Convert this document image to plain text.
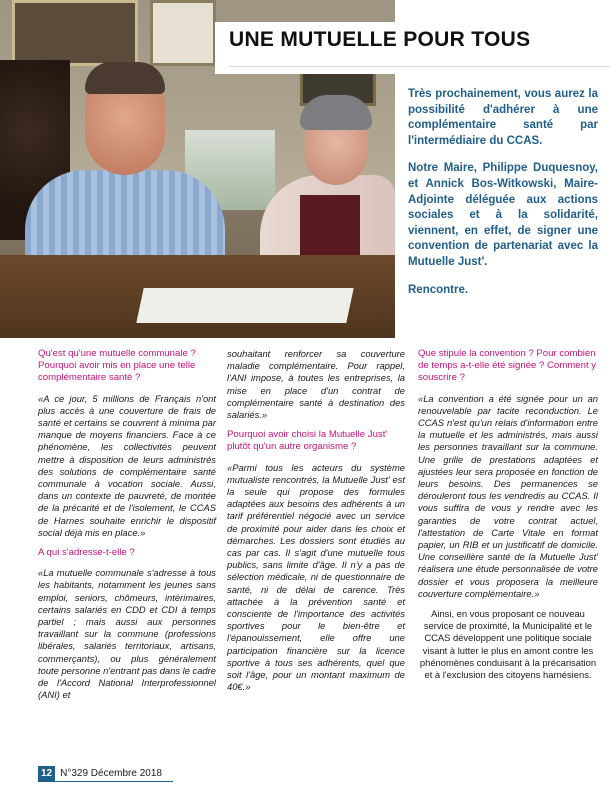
UNE MUTUELLE POUR TOUS

Très prochainement, vous aurez la possibilité d'adhérer à une complémentaire santé par l'intermédiaire du CCAS.

Notre Maire, Philippe Duquesnoy, et Annick Bos-Witkowski, Maire-Adjointe déléguée aux actions sociales et à la solidarité, viennent, en effet, de signer une convention de partenariat avec la Mutuelle Just'.

Rencontre.

Qu'est qu'une mutuelle communale ? Pourquoi avoir mis en place une telle complémentaire santé ?

«A ce jour, 5 millions de Français n'ont plus accès à une couverture de frais de santé et certains se couvrent à minima par manque de moyens financiers. Face à ce phénomène, les collectivités peuvent mettre à disposition de leurs administrés des solutions de complémentaire santé communale à vocation sociale. Aussi, dans un contexte de pauvreté, de montée de la précarité et de l'isolement, le CCAS de Harnes souhaite enrichir le dispositif social déjà mis en place.»

A qui s'adresse-t-elle ?

«La mutuelle communale s'adresse à tous les habitants, notamment les jeunes sans emploi, seniors, chômeurs, intérimaires, certains salariés en CDD et CDI à temps partiel ; mais aussi aux personnes travaillant sur la commune (professions libérales, salariés territoriaux, artisans, commerçants), ou plus généralement toute personne n'entrant pas dans le cadre de l'Accord National Interprofessionnel (ANI) et

souhaitant renforcer sa couverture maladie complémentaire. Pour rappel, l'ANI impose, à toutes les entreprises, la mise en place d'un contrat de complémentaire santé à destination des salariés.»

Pourquoi avoir choisi la Mutuelle Just' plutôt qu'un autre organisme ?

«Parmi tous les acteurs du système mutualiste rencontrés, la Mutuelle Just' est la seule qui propose des formules adaptées aux besoins des adhérents à un tarif préférentiel négocié avec un service de proximité pour aider dans les choix et démarches. Les dossiers sont étudiés au cas par cas. Il s'agit d'une mutuelle tous publics, sans limite d'âge. Il n'y a pas de sélection médicale, ni de questionnaire de santé, ni de délai de carence. Très attachée à la prévention santé et consciente de l'importance des activités sportives pour le bien-être et l'épanouissement, elle offre une participation financière sur la licence sportive à tous ses adhérents, quel que soit l'âge, pour un montant maximum de 40€.»

Que stipule la convention ? Pour combien de temps a-t-elle été signée ? Comment y souscrire ?

«La convention a été signée pour un an renouvelable par tacite reconduction. Le CCAS n'est qu'un relais d'information entre la mutuelle et les administrés, mais aussi les personnes travaillant sur la commune. Une grille de prestations adaptées et ajustées leur sera proposée en fonction de leurs besoins. Des permanences se dérouleront tous les vendredis au CCAS. Il vous suffira de vous y rendre avec les garanties de votre contrat actuel, l'attestation de Carte Vitale en format papier, un RIB et un justificatif de domicile. Une conseillère santé de la Mutuelle Just' réalisera une étude personnalisée de votre dossier et vous proposera la meilleure couverture complémentaire.»

Ainsi, en vous proposant ce nouveau service de proximité, la Municipalité et le CCAS développent une politique sociale visant à lutter le plus en amont contre les phénomènes conduisant à la précarisation et à l'exclusion des citoyens harnésiens.

12 N°329 Décembre 2018
